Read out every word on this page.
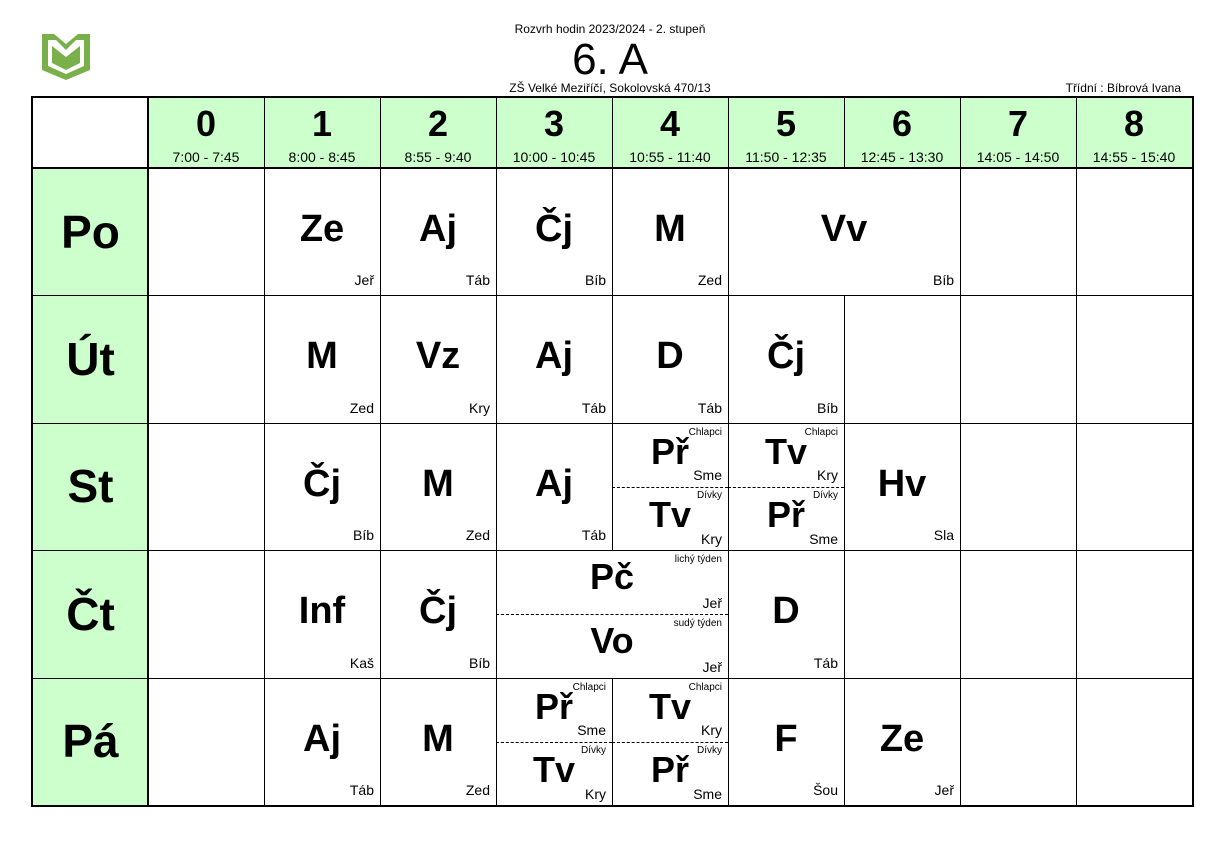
Rozvrh hodin 2023/2024 - 2. stupeň
6. A
ZŠ Velké Meziříčí, Sokolovská 470/13	Třídní : Bíbrová Ivana
0
7:00 - 7:45
1
8:00 - 8:45
2
8:55 - 9:40
3
10:00 - 10:45
4
10:55 - 11:40
5
11:50 - 12:35
6
12:45 - 13:30
7
14:05 - 14:50
8
14:55 - 15:40
Po
Út
St
Čt
Pá
Ze
Jeř
Aj
Táb
Čj
Bíb
M
Zed
Vv
Bíb
M
Zed
Vz
Kry
Aj
Táb
D
Táb
Čj
Bíb
Čj
Bíb
M
Zed
Aj
Táb
Chlapci
Př
Sme
Dívky
Tv
Kry
Chlapci
Tv
Kry
Dívky
Př
Sme
Hv
Sla
Inf
Kaš
Čj
Bíb
lichý týden
Pč
Jeř
sudý týden
Vo
Jeř
D
Táb
Aj
Táb
M
Zed
Chlapci
Př
Sme
Dívky
Tv
Kry
Chlapci
Tv
Kry
Dívky
Př
Sme
F
Šou
Ze
Jeř
